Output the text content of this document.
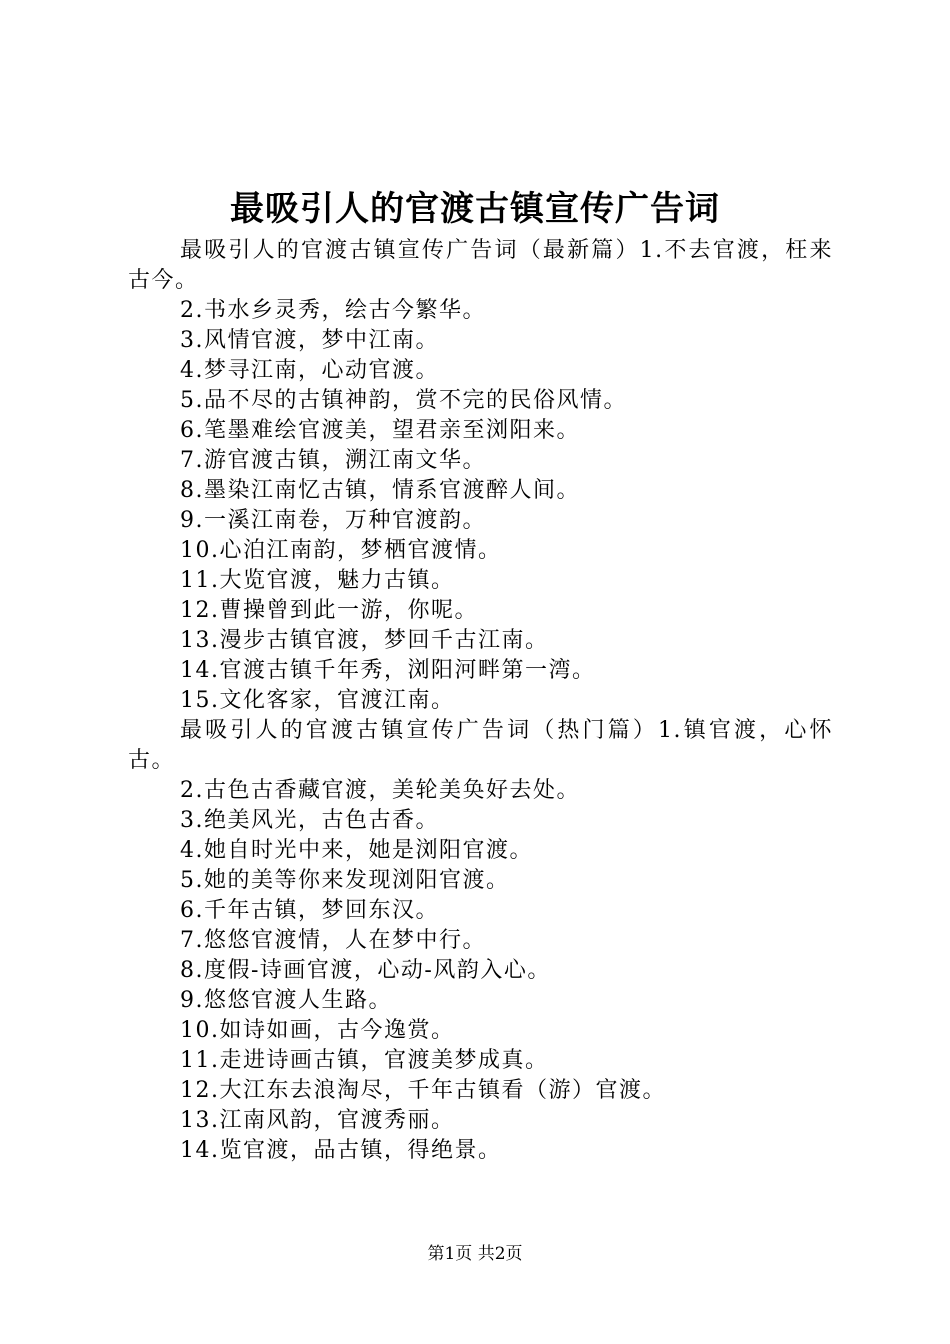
最吸引人的官渡古镇宣传广告词

最吸引人的官渡古镇宣传广告词（最新篇）1.不去官渡，枉来古今。

2.书水乡灵秀，绘古今繁华。

3.风情官渡，梦中江南。

4.梦寻江南，心动官渡。

5.品不尽的古镇神韵，赏不完的民俗风情。

6.笔墨难绘官渡美，望君亲至浏阳来。

7.游官渡古镇，溯江南文华。

8.墨染江南忆古镇，情系官渡醉人间。

9.一溪江南卷，万种官渡韵。

10.心泊江南韵，梦栖官渡情。

11.大览官渡，魅力古镇。

12.曹操曾到此一游，你呢。

13.漫步古镇官渡，梦回千古江南。

14.官渡古镇千年秀，浏阳河畔第一湾。

15.文化客家，官渡江南。

最吸引人的官渡古镇宣传广告词（热门篇）1.镇官渡，心怀古。

2.古色古香藏官渡，美轮美奂好去处。

3.绝美风光，古色古香。

4.她自时光中来，她是浏阳官渡。

5.她的美等你来发现浏阳官渡。

6.千年古镇，梦回东汉。

7.悠悠官渡情，人在梦中行。

8.度假-诗画官渡，心动-风韵入心。

9.悠悠官渡人生路。

10.如诗如画，古今逸赏。

11.走进诗画古镇，官渡美梦成真。

12.大江东去浪淘尽，千年古镇看（游）官渡。

13.江南风韵，官渡秀丽。

14.览官渡，品古镇，得绝景。

第1页 共2页
